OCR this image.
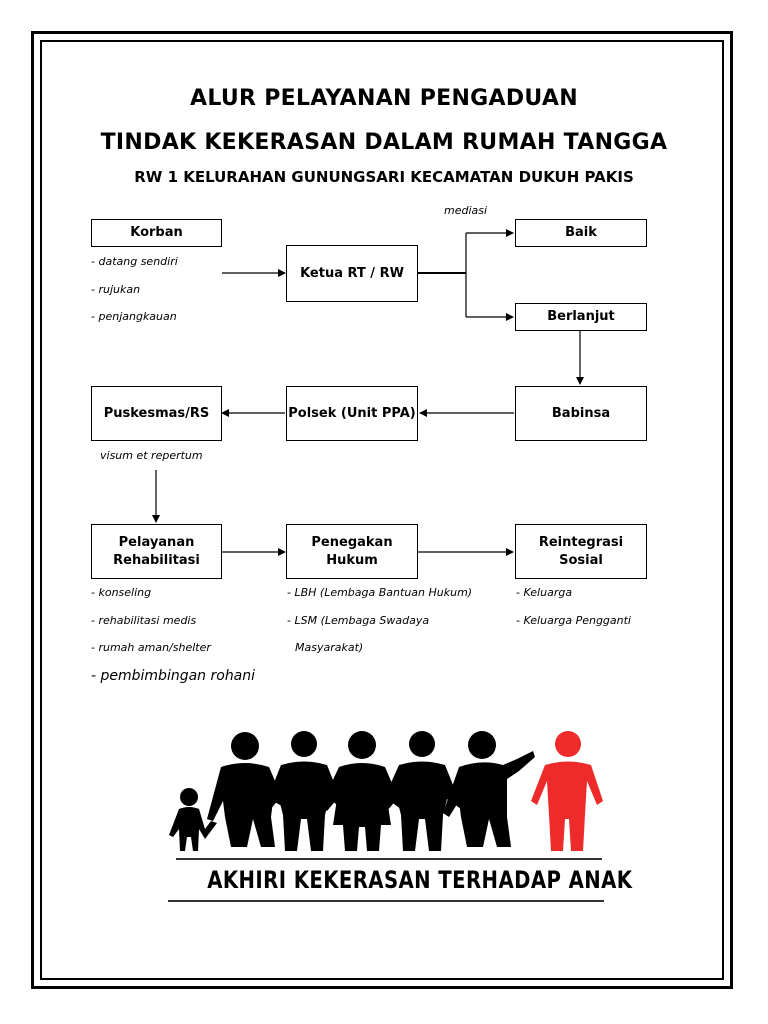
ALUR PELAYANAN PENGADUAN
TINDAK KEKERASAN DALAM RUMAH TANGGA
RW 1 KELURAHAN GUNUNGSARI KECAMATAN DUKUH PAKIS
Korban
Ketua RT / RW
Baik
Berlanjut
Babinsa
Polsek (Unit PPA)
Puskesmas/RS
Pelayanan
Rehabilitasi
Penegakan
Hukum
Reintegrasi Sosial
mediasi
- datang sendiri
- rujukan
- penjangkauan
visum et repertum
- konseling
- rehabilitasi medis
- rumah aman/shelter
- pembimbingan rohani
- LBH (Lembaga Bantuan Hukum)
- LSM (Lembaga Swadaya
Masyarakat)
- Keluarga
- Keluarga Pengganti
AKHIRI KEKERASAN TERHADAP ANAK
